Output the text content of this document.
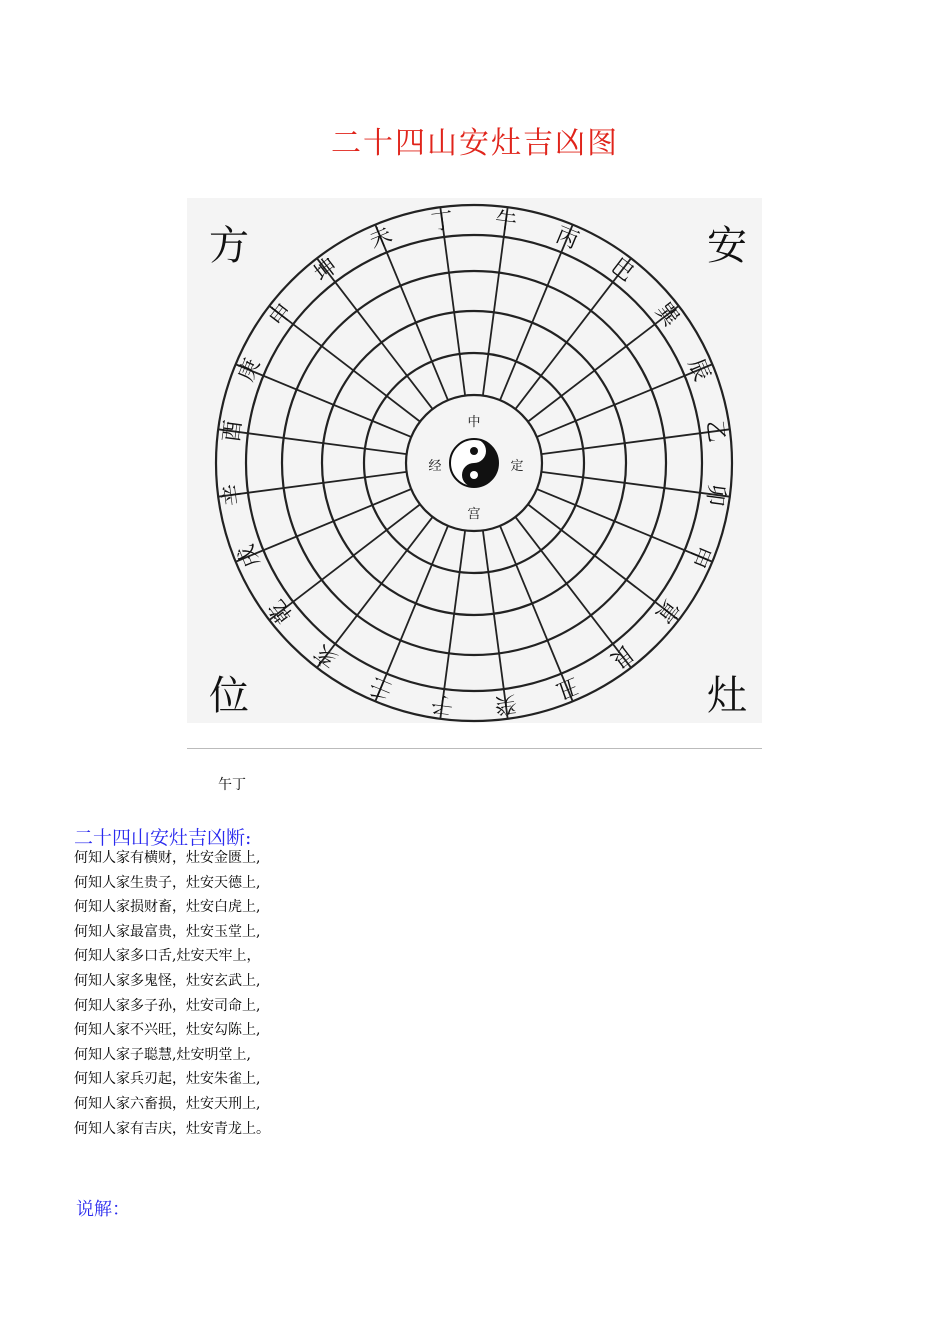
二十四山安灶吉凶图
丁 午
丙
巳
巽
辰
乙
卯
甲
寅
艮
丑
癸
子
壬
亥
乾
戌
辛
酉
庚
申
坤
未
中
经	定
宫
方	安
位	灶
午丁
二十四山安灶吉凶断:
何知人家有横财，灶安金匮上,
何知人家生贵子，灶安天德上,
何知人家损财畜，灶安白虎上,
何知人家最富贵，灶安玉堂上,
何知人家多口舌,灶安天牢上，
何知人家多鬼怪，灶安玄武上,
何知人家多子孙，灶安司命上,
何知人家不兴旺，灶安勾陈上,
何知人家子聪慧,灶安明堂上,
何知人家兵刃起，灶安朱雀上,
何知人家六畜损，灶安天刑上,
何知人家有吉庆，灶安青龙上。
说解：
